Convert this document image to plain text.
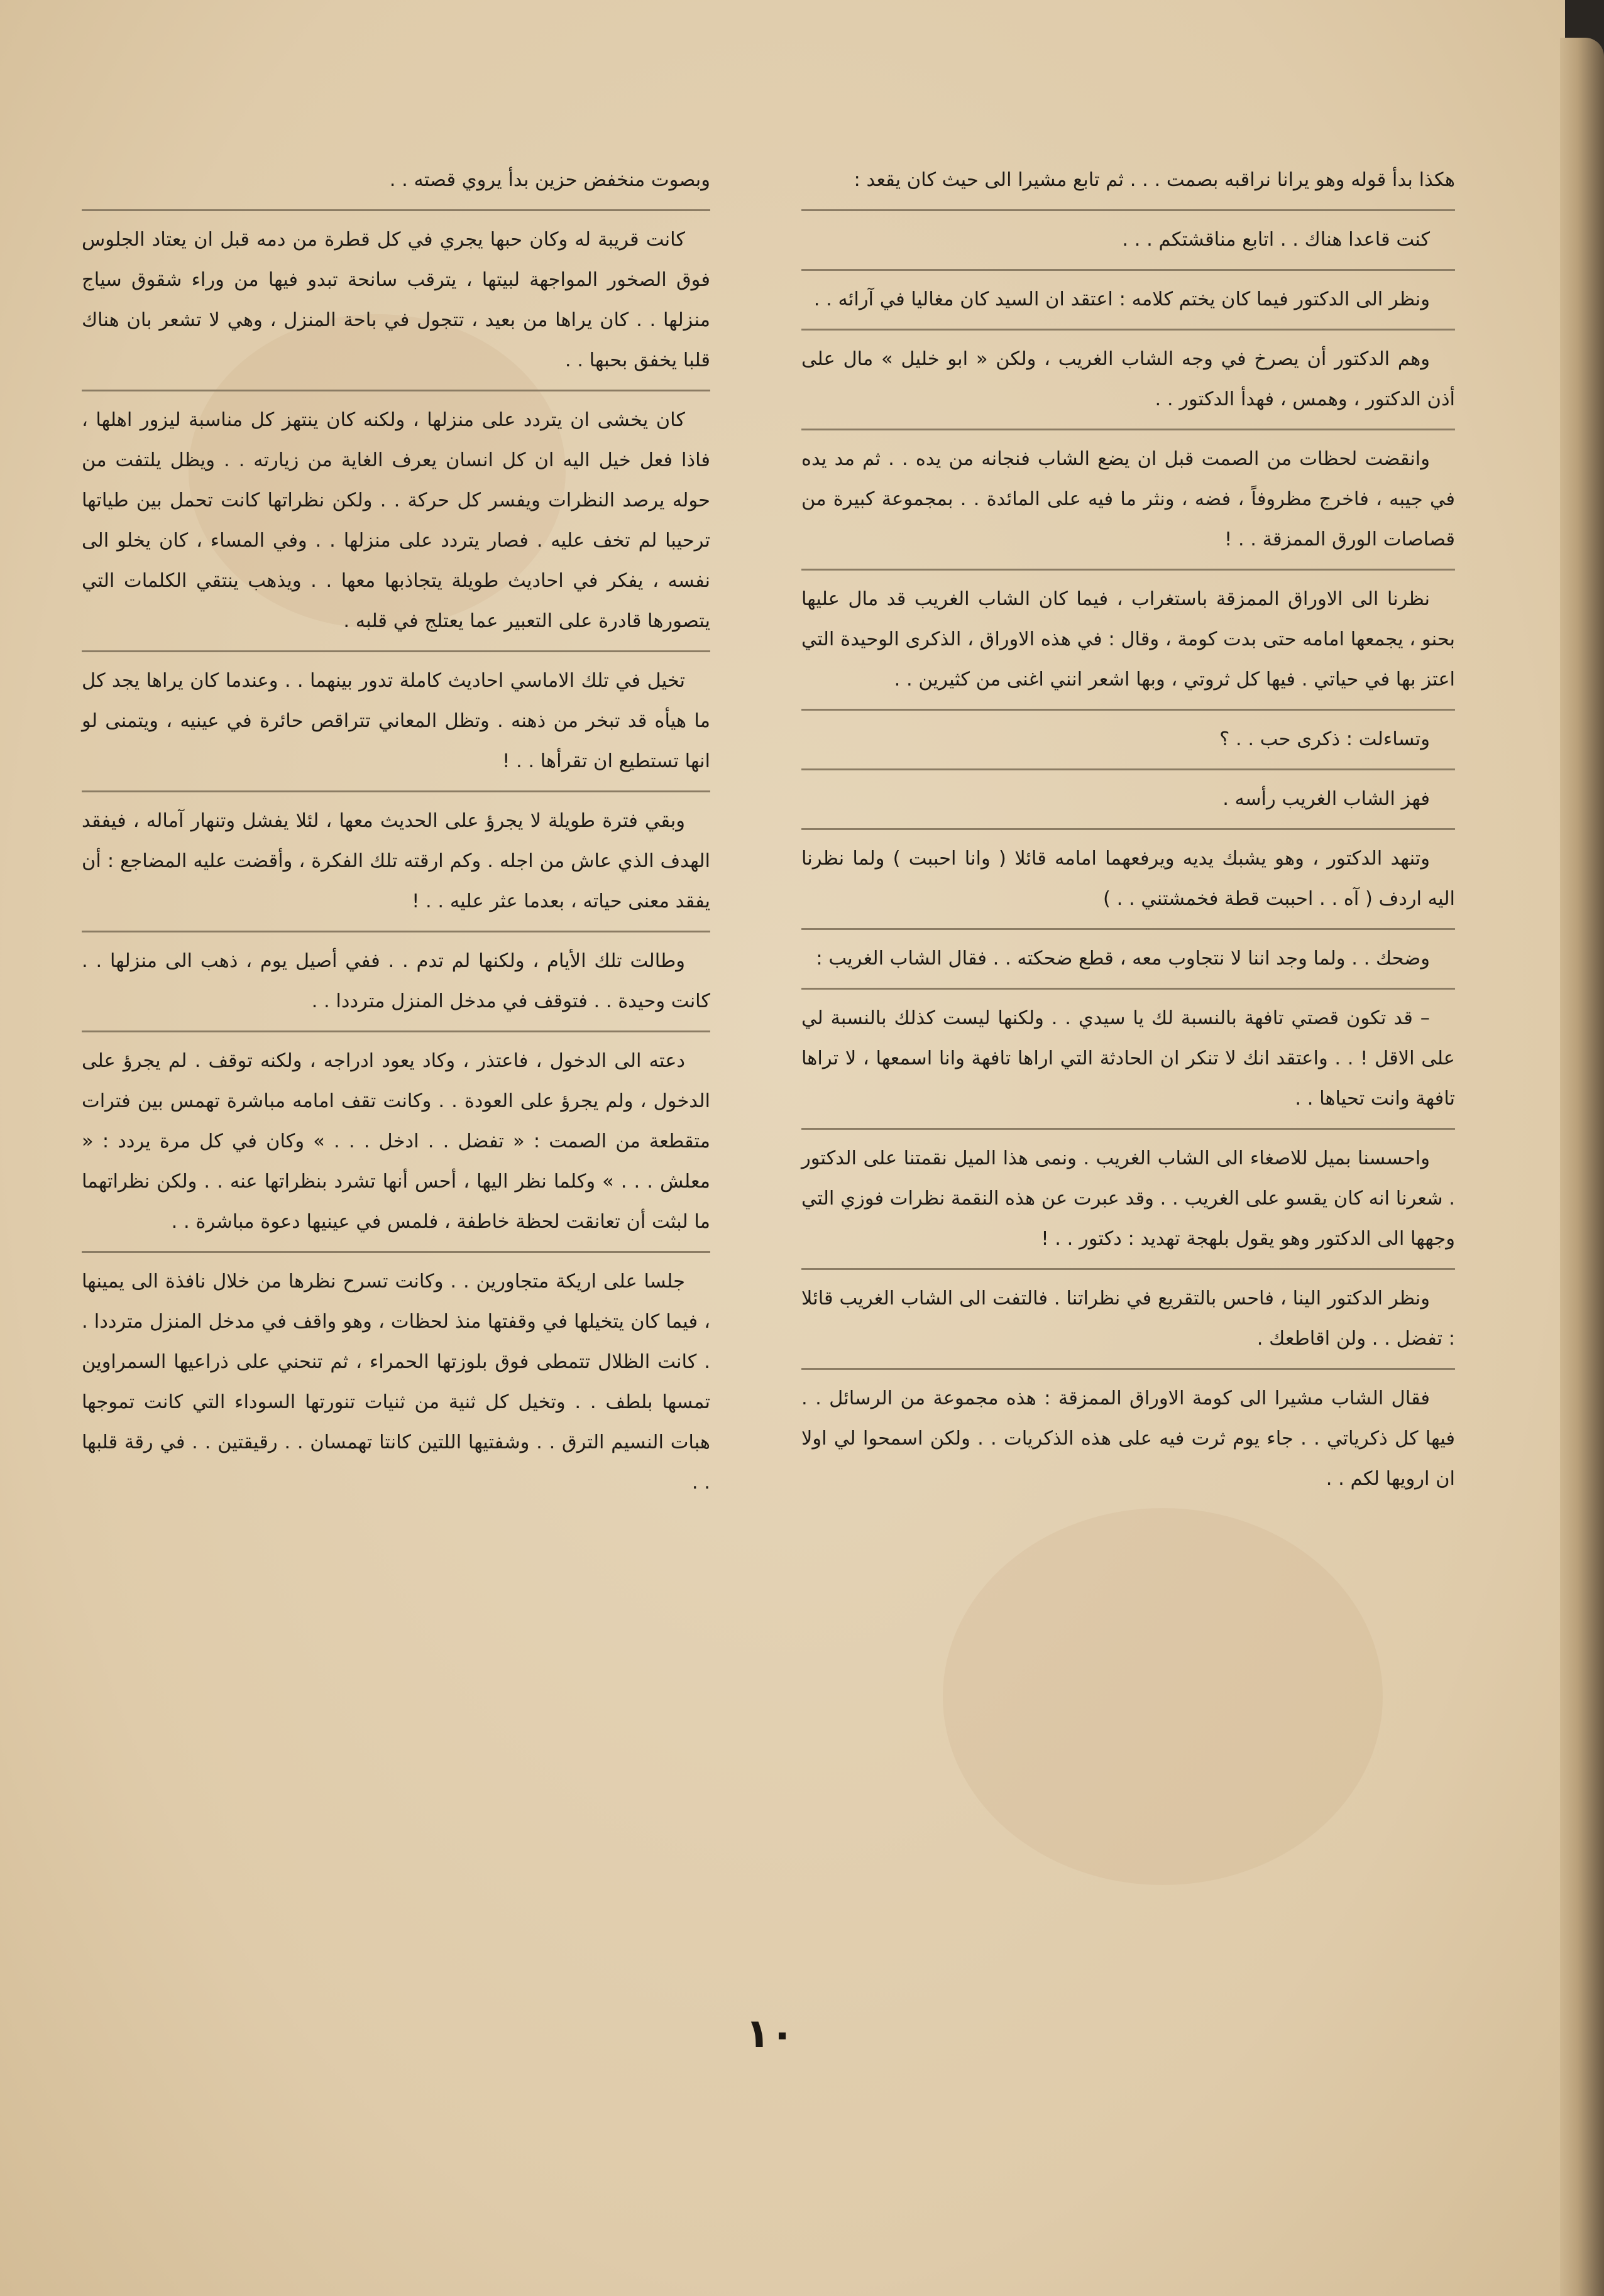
هكذا بدأ قوله وهو يرانا نراقبه بصمت . . . ثم تابع مشيرا الى حيث كان يقعد :

كنت قاعدا هناك . . اتابع مناقشتكم . . .

ونظر الى الدكتور فيما كان يختم كلامه : اعتقد ان السيد كان مغاليا في آرائه . .

وهم الدكتور أن يصرخ في وجه الشاب الغريب ، ولكن « ابو خليل » مال على أذن الدكتور ، وهمس ، فهدأ الدكتور . .

وانقضت لحظات من الصمت قبل ان يضع الشاب فنجانه من يده . . ثم مد يده في جيبه ، فاخرج مظروفاً ، فضه ، ونثر ما فيه على المائدة . . بمجموعة كبيرة من قصاصات الورق الممزقة . . !

نظرنا الى الاوراق الممزقة باستغراب ، فيما كان الشاب الغريب قد مال عليها بحنو ، يجمعها امامه حتى بدت كومة ، وقال : في هذه الاوراق ، الذكرى الوحيدة التي اعتز بها في حياتي . فيها كل ثروتي ، وبها اشعر انني اغنى من كثيرين . .

وتساءلت : ذكرى حب . . ؟

فهز الشاب الغريب رأسه .

وتنهد الدكتور ، وهو يشبك يديه ويرفعهما امامه قائلا ( وانا احببت ) ولما نظرنا اليه اردف ( آه . . احببت قطة فخمشتني . . )

وضحك . . ولما وجد اننا لا نتجاوب معه ، قطع ضحكته . . فقال الشاب الغريب :

– قد تكون قصتي تافهة بالنسبة لك يا سيدي . . ولكنها ليست كذلك بالنسبة لي على الاقل ! . . واعتقد انك لا تنكر ان الحادثة التي اراها تافهة وانا اسمعها ، لا تراها تافهة وانت تحياها . .

واحسسنا بميل للاصغاء الى الشاب الغريب . ونمى هذا الميل نقمتنا على الدكتور . شعرنا انه كان يقسو على الغريب . . وقد عبرت عن هذه النقمة نظرات فوزي التي وجهها الى الدكتور وهو يقول بلهجة تهديد : دكتور . . !

ونظر الدكتور الينا ، فاحس بالتقريع في نظراتنا . فالتفت الى الشاب الغريب قائلا : تفضل . . ولن اقاطعك .

فقال الشاب مشيرا الى كومة الاوراق الممزقة : هذه مجموعة من الرسائل . . فيها كل ذكرياتي . . جاء يوم ثرت فيه على هذه الذكريات . . ولكن اسمحوا لي اولا ان ارويها لكم . .

وبصوت منخفض حزين بدأ يروي قصته . .

كانت قريبة له وكان حبها يجري في كل قطرة من دمه قبل ان يعتاد الجلوس فوق الصخور المواجهة لبيتها ، يترقب سانحة تبدو فيها من وراء شقوق سياج منزلها . . كان يراها من بعيد ، تتجول في باحة المنزل ، وهي لا تشعر بان هناك قلبا يخفق بحبها . .

كان يخشى ان يتردد على منزلها ، ولكنه كان ينتهز كل مناسبة ليزور اهلها ، فاذا فعل خيل اليه ان كل انسان يعرف الغاية من زيارته . . ويظل يلتفت من حوله يرصد النظرات ويفسر كل حركة . . ولكن نظراتها كانت تحمل بين طياتها ترحيبا لم تخف عليه . فصار يتردد على منزلها . . وفي المساء ، كان يخلو الى نفسه ، يفكر في احاديث طويلة يتجاذبها معها . . ويذهب ينتقي الكلمات التي يتصورها قادرة على التعبير عما يعتلج في قلبه .

تخيل في تلك الاماسي احاديث كاملة تدور بينهما . . وعندما كان يراها يجد كل ما هيأه قد تبخر من ذهنه . وتظل المعاني تتراقص حائرة في عينيه ، ويتمنى لو انها تستطيع ان تقرأها . . !

وبقي فترة طويلة لا يجرؤ على الحديث معها ، لئلا يفشل وتنهار آماله ، فيفقد الهدف الذي عاش من اجله . وكم ارقته تلك الفكرة ، وأقضت عليه المضاجع : أن يفقد معنى حياته ، بعدما عثر عليه . . !

وطالت تلك الأيام ، ولكنها لم تدم . . ففي أصيل يوم ، ذهب الى منزلها . . كانت وحيدة . . فتوقف في مدخل المنزل مترددا . .

دعته الى الدخول ، فاعتذر ، وكاد يعود ادراجه ، ولكنه توقف . لم يجرؤ على الدخول ، ولم يجرؤ على العودة . . وكانت تقف امامه مباشرة تهمس بين فترات متقطعة من الصمت : « تفضل . . ادخل . . . » وكان في كل مرة يردد : « معلش . . . » وكلما نظر اليها ، أحس أنها تشرد بنظراتها عنه . . ولكن نظراتهما ما لبثت أن تعانقت لحظة خاطفة ، فلمس في عينيها دعوة مباشرة . .

جلسا على اريكة متجاورين . . وكانت تسرح نظرها من خلال نافذة الى يمينها ، فيما كان يتخيلها في وقفتها منذ لحظات ، وهو واقف في مدخل المنزل مترددا . . كانت الظلال تتمطى فوق بلوزتها الحمراء ، ثم تنحني على ذراعيها السمراوين تمسها بلطف . . وتخيل كل ثنية من ثنيات تنورتها السوداء التي كانت تموجها هبات النسيم الترق . . وشفتيها اللتين كانتا تهمسان . . رقيقتين . . في رقة قلبها . .

١٠
